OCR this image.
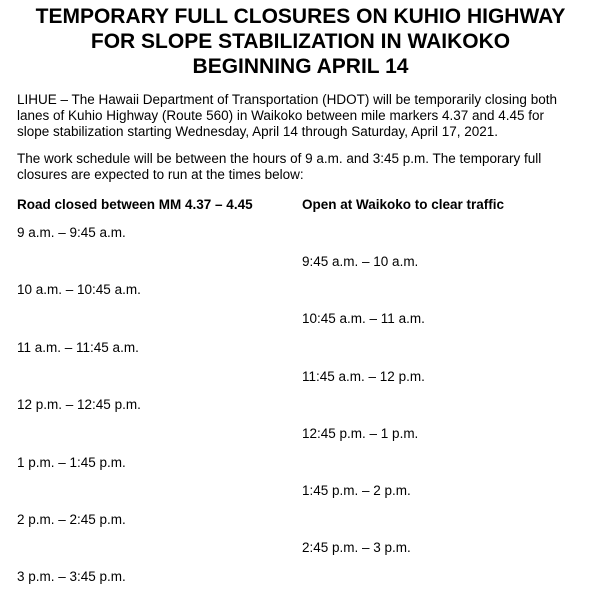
TEMPORARY FULL CLOSURES ON KUHIO HIGHWAY
FOR SLOPE STABILIZATION IN WAIKOKO
BEGINNING APRIL 14
LIHUE – The Hawaii Department of Transportation (HDOT) will be temporarily closing both
lanes of Kuhio Highway (Route 560) in Waikoko between mile markers 4.37 and 4.45 for
slope stabilization starting Wednesday, April 14 through Saturday, April 17, 2021.
The work schedule will be between the hours of 9 a.m. and 3:45 p.m. The temporary full
closures are expected to run at the times below:
Road closed between MM 4.37 – 4.45	Open at Waikoko to clear traffic
9 a.m. – 9:45 a.m.
10 a.m. – 10:45 a.m.
11 a.m. – 11:45 a.m.
12 p.m. – 12:45 p.m.
1 p.m. – 1:45 p.m.
2 p.m. – 2:45 p.m.
3 p.m. – 3:45 p.m.
9:45 a.m. – 10 a.m.
10:45 a.m. – 11 a.m.
11:45 a.m. – 12 p.m.
12:45 p.m. – 1 p.m.
1:45 p.m. – 2 p.m.
2:45 p.m. – 3 p.m.
